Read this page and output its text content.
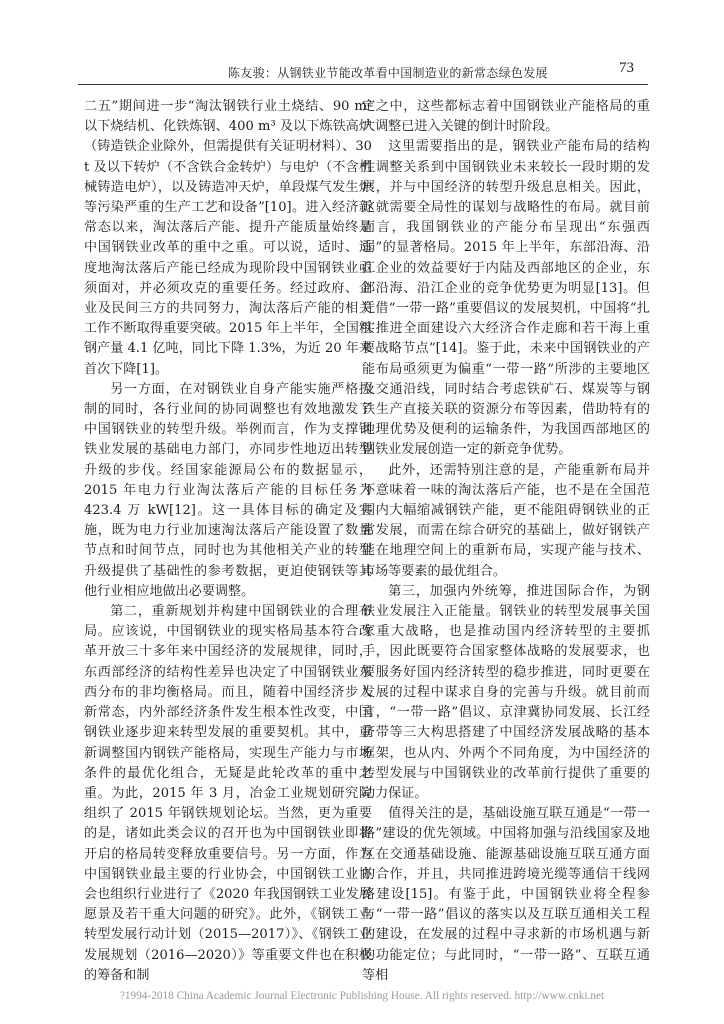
陈友骏：从钢铁业节能改革看中国制造业的新常态绿色发展	73

二五”期间进一步“淘汰钢铁行业土烧结、90 m² 以下烧结机、化铁炼钢、400 m³ 及以下炼铁高炉（铸造铁企业除外，但需提供有关证明材料）、30 t 及以下转炉（不含铁合金转炉）与电炉（不含机械铸造电炉），以及铸造冲天炉，单段煤气发生炉等污染严重的生产工艺和设备”[10]。进入经济新常态以来，淘汰落后产能、提升产能质量始终是中国钢铁业改革的重中之重。可以说，适时、适度地淘汰落后产能已经成为现阶段中国钢铁业亟须面对，并必须攻克的重要任务。经过政府、企业及民间三方的共同努力，淘汰落后产能的相关工作不断取得重要突破。2015 年上半年，全国粗钢产量 4.1 亿吨，同比下降 1.3%，为近 20 年来首次下降[1]。

另一方面，在对钢铁业自身产能实施严格控制的同时，各行业间的协同调整也有效地激发了中国钢铁业的转型升级。举例而言，作为支撑钢铁业发展的基础电力部门，亦同步性地迈出转型升级的步伐。经国家能源局公布的数据显示，2015 年电力行业淘汰落后产能的目标任务为 423.4 万 kW[12]。这一具体目标的确定及实施，既为电力行业加速淘汰落后产能设置了数量节点和时间节点，同时也为其他相关产业的转型升级提供了基础性的参考数据，更迫使钢铁等其他行业相应地做出必要调整。

第二，重新规划并构建中国钢铁业的合理布局。应该说，中国钢铁业的现实格局基本符合改革开放三十多年来中国经济的发展规律，同时，东西部经济的结构性差异也决定了中国钢铁业东西分布的非均衡格局。而且，随着中国经济步入新常态，内外部经济条件发生根本性改变，中国钢铁业逐步迎来转型发展的重要契机。其中，重新调整国内钢铁产能格局，实现生产能力与市场条件的最优化组合，无疑是此轮改革的重中之重。为此，2015 年 3 月，冶金工业规划研究院组织了 2015 年钢铁规划论坛。当然，更为重要的是，诸如此类会议的召开也为中国钢铁业即将开启的格局转变释放重要信号。另一方面，作为中国钢铁业最主要的行业协会，中国钢铁工业协会也组织行业进行了《2020 年我国钢铁工业发展愿景及若干重大问题的研究》。此外，《钢铁工业转型发展行动计划（2015—2017）》、《钢铁工业发展规划（2016—2020）》等重要文件也在积极的筹备和制

定之中，这些都标志着中国钢铁业产能格局的重大调整已进入关键的倒计时阶段。

这里需要指出的是，钢铁业产能布局的结构性调整关系到中国钢铁业未来较长一段时期的发展，并与中国经济的转型升级息息相关。因此，这就需要全局性的谋划与战略性的布局。就目前而言，我国钢铁业的产能分布呈现出“东强西弱”的显著格局。2015 年上半年，东部沿海、沿江企业的效益要好于内陆及西部地区的企业，东部沿海、沿江企业的竞争优势更为明显[13]。但凭借“一带一路”重要倡议的发展契机，中国将“扎实推进全面建设六大经济合作走廊和若干海上重要战略节点”[14]。鉴于此，未来中国钢铁业的产能布局亟须更为偏重“一带一路”所涉的主要地区及交通沿线，同时结合考虑铁矿石、煤炭等与钢铁生产直接关联的资源分布等因素，借助特有的地理优势及便利的运输条件，为我国西部地区的钢铁业发展创造一定的新竞争优势。

此外，还需特别注意的是，产能重新布局并不意味着一味的淘汰落后产能，也不是在全国范围内大幅缩减钢铁产能，更不能阻碍钢铁业的正常发展，而需在综合研究的基础上，做好钢铁产能在地理空间上的重新布局，实现产能与技术、市场等要素的最优组合。

第三，加强内外统筹，推进国际合作，为钢铁业发展注入正能量。钢铁业的转型发展事关国家重大战略，也是推动国内经济转型的主要抓手，因此既要符合国家整体战略的发展要求，也要服务好国内经济转型的稳步推进，同时更要在发展的过程中谋求自身的完善与升级。就目前而言，“一带一路”倡议、京津冀协同发展、长江经济带等三大构思搭建了中国经济发展战略的基本框架，也从内、外两个不同角度，为中国经济的转型发展与中国钢铁业的改革前行提供了重要的动力保证。

值得关注的是，基础设施互联互通是“一带一路”建设的优先领域。中国将加强与沿线国家及地区在交通基础设施、能源基础设施互联互通方面的合作，并且，共同推进跨境光缆等通信干线网络建设[15]。有鉴于此，中国钢铁业将全程参与“一带一路”倡议的落实以及互联互通相关工程的建设，在发展的过程中寻求新的市场机遇与新的功能定位；与此同时，“一带一路”、互联互通等相

?1994-2018 China Academic Journal Electronic Publishing House. All rights reserved. http://www.cnki.net
